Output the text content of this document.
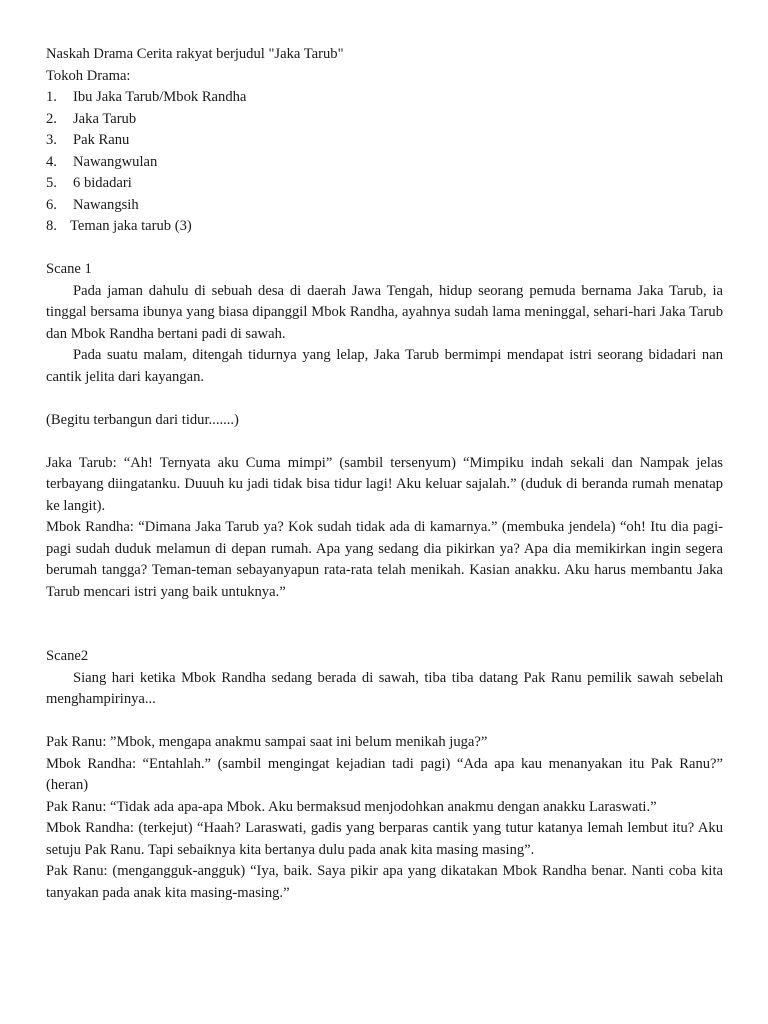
Naskah Drama Cerita rakyat berjudul "Jaka Tarub"
Tokoh Drama:
1. Ibu Jaka Tarub/Mbok Randha
2. Jaka Tarub
3. Pak Ranu
4. Nawangwulan
5. 6 bidadari
6. Nawangsih
8. Teman jaka tarub (3)
Scane 1
Pada jaman dahulu di sebuah desa di daerah Jawa Tengah, hidup seorang pemuda bernama Jaka Tarub, ia tinggal bersama ibunya yang biasa dipanggil Mbok Randha, ayahnya sudah lama meninggal, sehari-hari Jaka Tarub dan Mbok Randha bertani padi di sawah.
Pada suatu malam, ditengah tidurnya yang lelap, Jaka Tarub bermimpi mendapat istri seorang bidadari nan cantik jelita dari kayangan.
(Begitu terbangun dari tidur.......)
Jaka Tarub: “Ah! Ternyata aku Cuma mimpi” (sambil tersenyum) “Mimpiku indah sekali dan Nampak jelas terbayang diingatanku. Duuuh ku jadi tidak bisa tidur lagi! Aku keluar sajalah.” (duduk di beranda rumah menatap ke langit).
Mbok Randha: “Dimana Jaka Tarub ya? Kok sudah tidak ada di kamarnya.” (membuka jendela) “oh! Itu dia pagi-pagi sudah duduk melamun di depan rumah. Apa yang sedang dia pikirkan ya? Apa dia memikirkan ingin segera berumah tangga? Teman-teman sebayanyapun rata-rata telah menikah. Kasian anakku. Aku harus membantu Jaka Tarub mencari istri yang baik untuknya.”
Scane2
Siang hari ketika Mbok Randha sedang berada di sawah, tiba tiba datang Pak Ranu pemilik sawah sebelah menghampirinya...
Pak Ranu: ”Mbok, mengapa anakmu sampai saat ini belum menikah juga?”
Mbok Randha: “Entahlah.” (sambil mengingat kejadian tadi pagi) “Ada apa kau menanyakan itu Pak Ranu?” (heran)
Pak Ranu: “Tidak ada apa-apa Mbok. Aku bermaksud menjodohkan anakmu dengan anakku Laraswati.”
Mbok Randha: (terkejut) “Haah? Laraswati, gadis yang berparas cantik yang tutur katanya lemah lembut itu? Aku setuju Pak Ranu. Tapi sebaiknya kita bertanya dulu pada anak kita masing masing”.
Pak Ranu: (mengangguk-angguk) “Iya, baik. Saya pikir apa yang dikatakan Mbok Randha benar. Nanti coba kita tanyakan pada anak kita masing-masing.”
